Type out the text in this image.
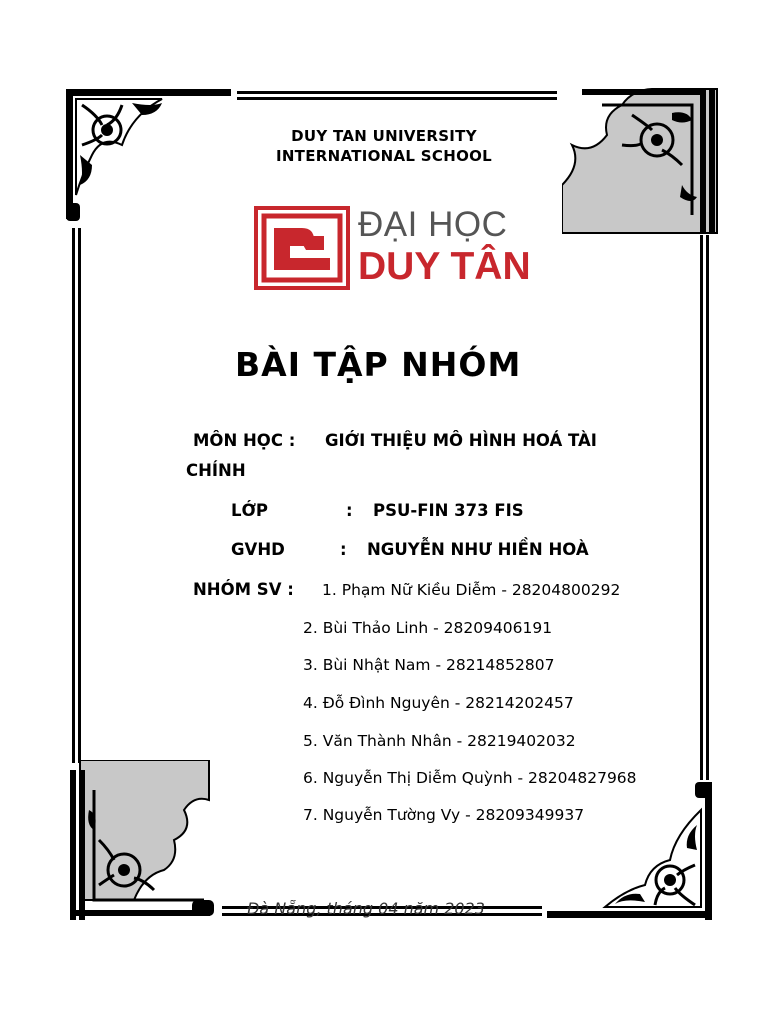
DUY TAN UNIVERSITY
INTERNATIONAL SCHOOL
ĐẠI HỌC
DUY TÂN
BÀI TẬP NHÓM
MÔN HỌC : GIỚI THIỆU MÔ HÌNH HOÁ TÀI
CHÍNH
LỚP	: PSU-FIN 373 FIS
GVHD	: NGUYỄN NHƯ HIỀN HOÀ
NHÓM SV : 1. Phạm Nữ Kiều Diễm - 28204800292
2. Bùi Thảo Linh - 28209406191
3. Bùi Nhật Nam - 28214852807
4. Đỗ Đình Nguyên - 28214202457
5. Văn Thành Nhân - 28219402032
6. Nguyễn Thị Diễm Quỳnh - 28204827968
7. Nguyễn Tường Vy - 28209349937
Đà Nẵng, tháng 04 năm 2023
